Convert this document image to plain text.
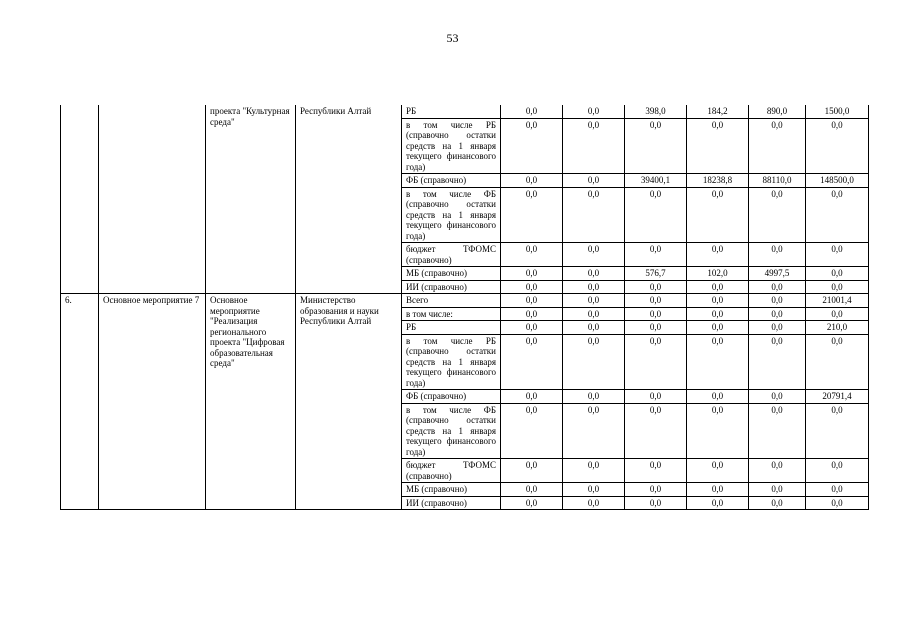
53
		проекта "Культурная среда"	Республики Алтай	РБ	0,0	0,0	398,0	184,2	890,0	1500,0
				в том числе РБ (справочно остатки средств на 1 января текущего финансового года)	0,0	0,0	0,0	0,0	0,0	0,0
				ФБ (справочно)	0,0	0,0	39400,1	18238,8	88110,0	148500,0
				в том числе ФБ (справочно остатки средств на 1 января текущего финансового года)	0,0	0,0	0,0	0,0	0,0	0,0
				бюджет ТФОМС (справочно)	0,0	0,0	0,0	0,0	0,0	0,0
				МБ (справочно)	0,0	0,0	576,7	102,0	4997,5	0,0
				ИИ (справочно)	0,0	0,0	0,0	0,0	0,0	0,0
6.	Основное мероприятие 7	Основное мероприятие "Реализация регионального проекта "Цифровая образовательная среда"	Министерство образования и науки Республики Алтай	Всего	0,0	0,0	0,0	0,0	0,0	21001,4
				в том числе:	0,0	0,0	0,0	0,0	0,0	0,0
				РБ	0,0	0,0	0,0	0,0	0,0	210,0
				в том числе РБ (справочно остатки средств на 1 января текущего финансового года)	0,0	0,0	0,0	0,0	0,0	0,0
				ФБ (справочно)	0,0	0,0	0,0	0,0	0,0	20791,4
				в том числе ФБ (справочно остатки средств на 1 января текущего финансового года)	0,0	0,0	0,0	0,0	0,0	0,0
				бюджет ТФОМС (справочно)	0,0	0,0	0,0	0,0	0,0	0,0
				МБ (справочно)	0,0	0,0	0,0	0,0	0,0	0,0
				ИИ (справочно)	0,0	0,0	0,0	0,0	0,0	0,0
